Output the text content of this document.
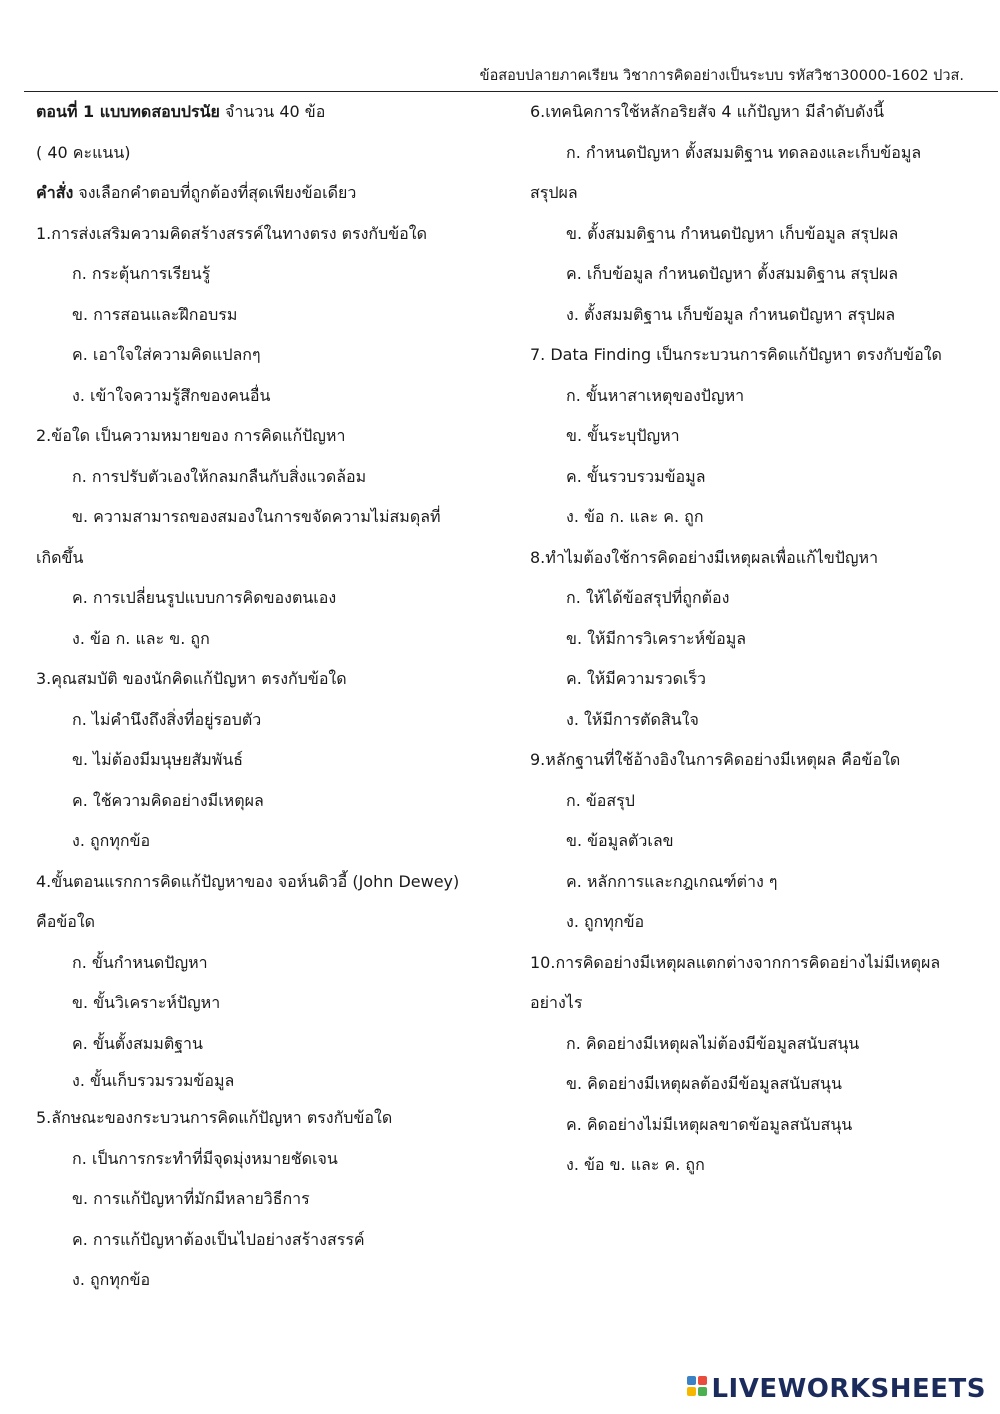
ข้อสอบปลายภาคเรียน วิชาการคิดอย่างเป็นระบบ รหัสวิชา30000-1602 ปวส.
ตอนที่ 1 แบบทดสอบปรนัย จำนวน 40 ข้อ
( 40 คะแนน)
คำสั่ง จงเลือกคำตอบที่ถูกต้องที่สุดเพียงข้อเดียว
1.การส่งเสริมความคิดสร้างสรรค์ในทางตรง ตรงกับข้อใด
ก. กระตุ้นการเรียนรู้
ข. การสอนและฝึกอบรม
ค. เอาใจใส่ความคิดแปลกๆ
ง. เข้าใจความรู้สึกของคนอื่น
2.ข้อใด เป็นความหมายของ การคิดแก้ปัญหา
ก. การปรับตัวเองให้กลมกลืนกับสิ่งแวดล้อม
ข. ความสามารถของสมองในการขจัดความไม่สมดุลที่
เกิดขึ้น
ค. การเปลี่ยนรูปแบบการคิดของตนเอง
ง. ข้อ ก. และ ข. ถูก
3.คุณสมบัติ ของนักคิดแก้ปัญหา ตรงกับข้อใด
ก. ไม่คำนึงถึงสิ่งที่อยู่รอบตัว
ข. ไม่ต้องมีมนุษยสัมพันธ์
ค. ใช้ความคิดอย่างมีเหตุผล
ง. ถูกทุกข้อ
4.ขั้นตอนแรกการคิดแก้ปัญหาของ จอห์นดิวอี้ (John Dewey)
คือข้อใด
ก. ขั้นกำหนดปัญหา
ข. ขั้นวิเคราะห์ปัญหา
ค. ขั้นตั้งสมมติฐาน
ง. ขั้นเก็บรวมรวมข้อมูล
5.ลักษณะของกระบวนการคิดแก้ปัญหา ตรงกับข้อใด
ก. เป็นการกระทำที่มีจุดมุ่งหมายชัดเจน
ข. การแก้ปัญหาที่มักมีหลายวิธีการ
ค. การแก้ปัญหาต้องเป็นไปอย่างสร้างสรรค์
ง. ถูกทุกข้อ
6.เทคนิคการใช้หลักอริยสัจ 4 แก้ปัญหา มีลำดับดังนี้
ก. กำหนดปัญหา ตั้งสมมติฐาน ทดลองและเก็บข้อมูล
สรุปผล
ข. ตั้งสมมติฐาน กำหนดปัญหา เก็บข้อมูล สรุปผล
ค. เก็บข้อมูล กำหนดปัญหา ตั้งสมมติฐาน สรุปผล
ง. ตั้งสมมติฐาน เก็บข้อมูล กำหนดปัญหา สรุปผล
7. Data Finding เป็นกระบวนการคิดแก้ปัญหา ตรงกับข้อใด
ก. ขั้นหาสาเหตุของปัญหา
ข. ขั้นระบุปัญหา
ค. ขั้นรวบรวมข้อมูล
ง. ข้อ ก. และ ค. ถูก
8.ทำไมต้องใช้การคิดอย่างมีเหตุผลเพื่อแก้ไขปัญหา
ก. ให้ได้ข้อสรุปที่ถูกต้อง
ข. ให้มีการวิเคราะห์ข้อมูล
ค. ให้มีความรวดเร็ว
ง. ให้มีการตัดสินใจ
9.หลักฐานที่ใช้อ้างอิงในการคิดอย่างมีเหตุผล คือข้อใด
ก. ข้อสรุป
ข. ข้อมูลตัวเลข
ค. หลักการและกฎเกณฑ์ต่าง ๆ
ง. ถูกทุกข้อ
10.การคิดอย่างมีเหตุผลแตกต่างจากการคิดอย่างไม่มีเหตุผล
อย่างไร
ก. คิดอย่างมีเหตุผลไม่ต้องมีข้อมูลสนับสนุน
ข. คิดอย่างมีเหตุผลต้องมีข้อมูลสนับสนุน
ค. คิดอย่างไม่มีเหตุผลขาดข้อมูลสนับสนุน
ง. ข้อ ข. และ ค. ถูก
LIVEWORKSHEETS
